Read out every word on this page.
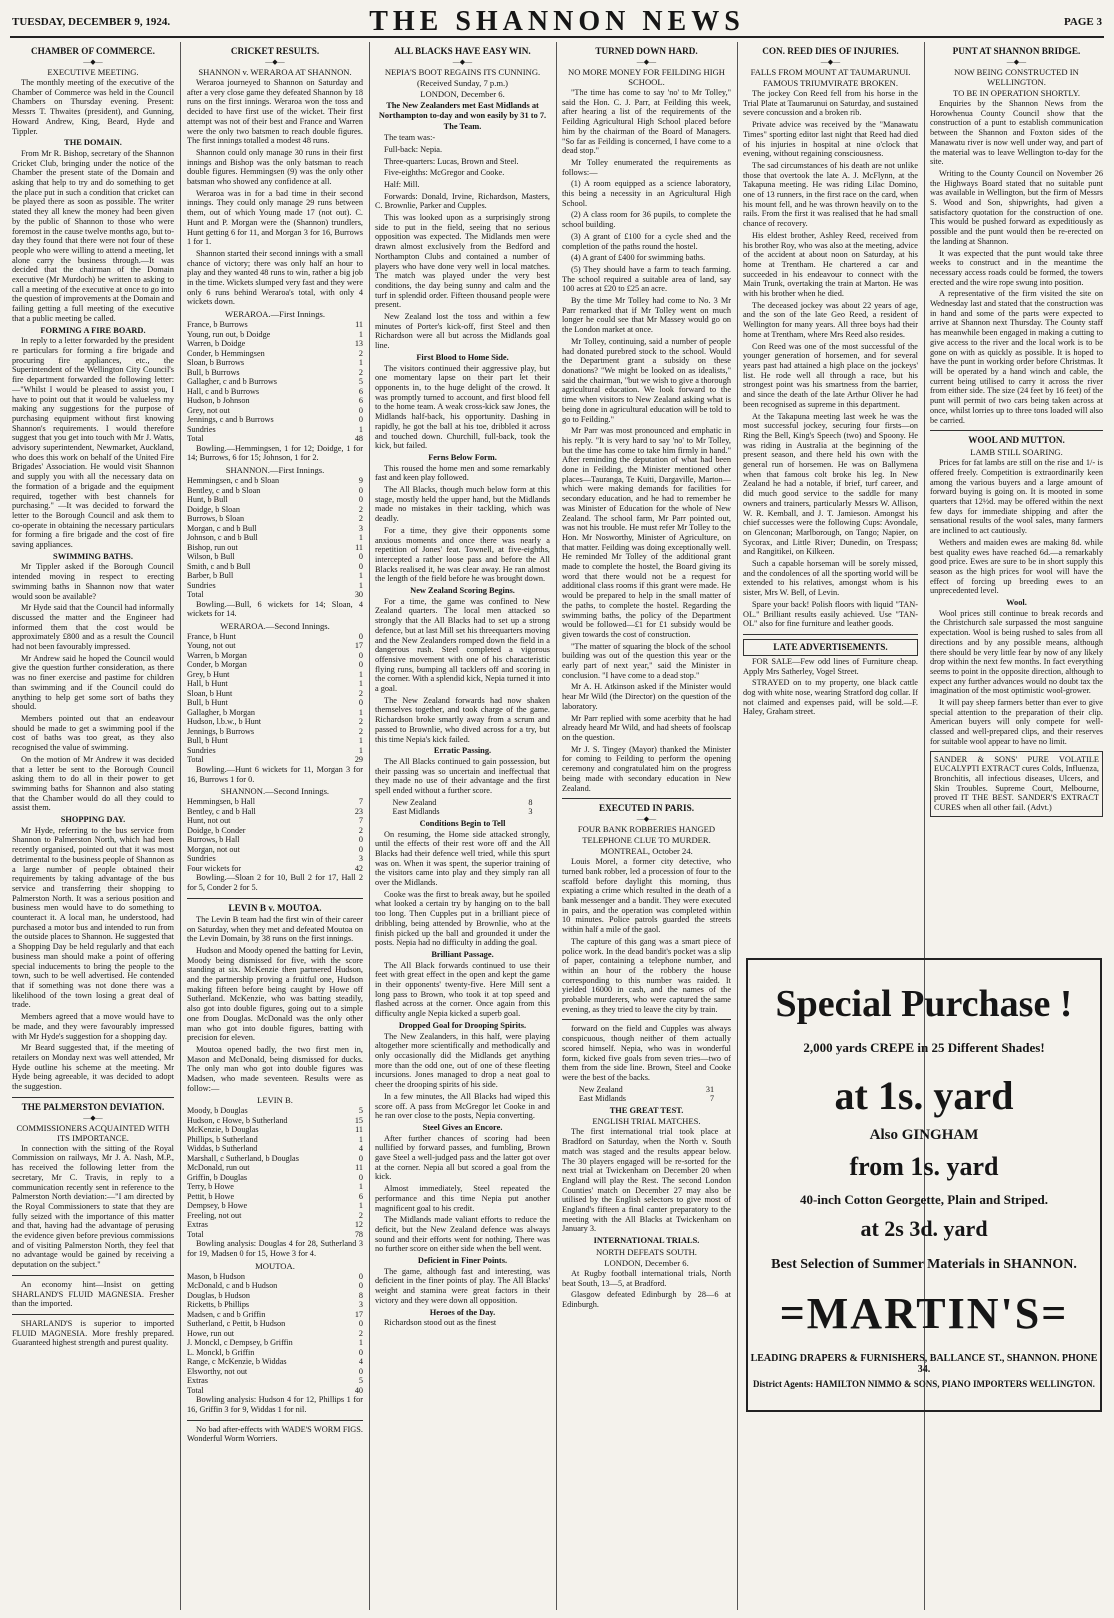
TUESDAY, DECEMBER 9, 1924.	THE SHANNON NEWS	PAGE 3
CHAMBER OF COMMERCE.
—◆—
EXECUTIVE MEETING.

The monthly meeting of the executive of the Chamber of Commerce was held in the Council Chambers on Thursday evening. Present: Messrs T. Thwaites (president), and Gunning, Howard Andrew, King, Beard, Hyde and Tippler.

THE DOMAIN.

From Mr R. Bishop, secretary of the Shannon Cricket Club, bringing under the notice of the Chamber the present state of the Domain and asking that help to try and do something to get the place put in such a condition that cricket can be played there as soon as possible. The writer stated they all knew the money had been given by the public of Shannon to those who were foremost in the cause twelve months ago, but to-day they found that there were not four of these people who were willing to attend a meeting, let alone carry the business through.—It was decided that the chairman of the Domain executive (Mr Murdoch) be written to asking to call a meeting of the executive at once to go into the question of improvements at the Domain and failing getting a full meeting of the executive that a public meeting be called.

FORMING A FIRE BOARD.

In reply to a letter forwarded by the president re particulars for forming a fire brigade and procuring fire appliances, etc., the Superintendent of the Wellington City Council's fire department forwarded the following letter:—"Whilst I would be pleased to assist you, I have to point out that it would be valueless my making any suggestions for the purpose of purchasing equipment without first knowing Shannon's requirements. I would therefore suggest that you get into touch with Mr J. Watts, advisory superintendent, Newmarket, Auckland, who does this work on behalf of the United Fire Brigades' Association. He would visit Shannon and supply you with all the necessary data on the formation of a brigade and the equipment required, together with best channels for purchasing." —It was decided to forward the letter to the Borough Council and ask them to co-operate in obtaining the necessary particulars for forming a fire brigade and the cost of fire saving appliances.

SWIMMING BATHS.

Mr Tippler asked if the Borough Council intended moving in respect to erecting swimming baths in Shannon now that water would soon be available?

Mr Hyde said that the Council had informally discussed the matter and the Engineer had informed them that the cost would be approximately £800 and as a result the Council had not been favourably impressed.

Mr Andrew said he hoped the Council would give the question further consideration, as there was no finer exercise and pastime for children than swimming and if the Council could do anything to help get some sort of baths they should.

Members pointed out that an endeavour should be made to get a swimming pool if the cost of baths was too great, as they also recognised the value of swimming.

On the motion of Mr Andrew it was decided that a letter be sent to the Borough Council asking them to do all in their power to get swimming baths for Shannon and also stating that the Chamber would do all they could to assist them.

SHOPPING DAY.

Mr Hyde, referring to the bus service from Shannon to Palmerston North, which had been recently organised, pointed out that it was most detrimental to the business people of Shannon as a large number of people obtained their requirements by taking advantage of the bus service and transferring their shopping to Palmerston North. It was a serious position and business men would have to do something to counteract it. A local man, he understood, had purchased a motor bus and intended to run from the outside places to Shannon. He suggested that a Shopping Day be held regularly and that each business man should make a point of offering special inducements to bring the people to the town, such to be well advertised. He contended that if something was not done there was a likelihood of the town losing a great deal of trade.

Members agreed that a move would have to be made, and they were favourably impressed with Mr Hyde's suggestion for a shopping day.

Mr Beard suggested that, if the meeting of retailers on Monday next was well attended, Mr Hyde outline his scheme at the meeting. Mr Hyde being agreeable, it was decided to adopt the suggestion.

THE PALMERSTON DEVIATION.
—◆—
COMMISSIONERS ACQUAINTED WITH ITS IMPORTANCE.

In connection with the sitting of the Royal Commission on railways, Mr J. A. Nash, M.P., has received the following letter from the secretary, Mr C. Travis, in reply to a communication recently sent in reference to the Palmerston North deviation:—"I am directed by the Royal Commissioners to state that they are fully seized with the importance of this matter and that, having had the advantage of perusing the evidence given before previous commissions and of visiting Palmerston North, they feel that no advantage would be gained by receiving a deputation on the subject."

An economy hint—Insist on getting SHARLAND'S FLUID MAGNESIA. Fresher than the imported.

SHARLAND'S is superior to imported FLUID MAGNESIA. More freshly prepared. Guaranteed highest strength and purest quality.

CRICKET RESULTS.
—◆—
SHANNON v. WERAROA AT SHANNON.

Weraroa journeyed to Shannon on Saturday and after a very close game they defeated Shannon by 18 runs on the first innings. Weraroa won the toss and decided to have first use of the wicket. Their first attempt was not of their best and France and Warren were the only two batsmen to reach double figures. The first innings totalled a modest 48 runs.

Shannon could only manage 30 runs in their first innings and Bishop was the only batsman to reach double figures. Hemmingsen (9) was the only other batsman who showed any confidence at all.

Weraroa was in for a bad time in their second innings. They could only manage 29 runs between them, out of which Young made 17 (not out). C. Hunt and P. Morgan were the (Shannon) trundlers, Hunt getting 6 for 11, and Morgan 3 for 16, Burrows 1 for 1.

Shannon started their second innings with a small chance of victory; there was only half an hour to play and they wanted 48 runs to win, rather a big job in the time. Wickets slumped very fast and they were only 6 runs behind Weraroa's total, with only 4 wickets down.

WERAROA.—First Innings.
France, b Burrows	11
Young, run out, b Doidge	1
Warren, b Doidge	13
Conder, b Hemmingsen	2
Sloan, b Burrows	1
Bull, b Burrows	2
Gallagher, c and b Burrows	5
Hall, c and b Burrows	6
Hudson, b Johnson	6
Grey, not out	0
Jennings, c and b Burrows	0
Sundries	1
Total	48

Bowling.—Hemmingsen, 1 for 12; Doidge, 1 for 14; Burrows, 6 for 15; Johnson, 1 for 2.

SHANNON.—First Innings.
Hemmingsen, c and b Sloan	9
Bentley, c and b Sloan	0
Hunt, b Bull	0
Doidge, b Sloan	2
Burrows, b Sloan	2
Morgan, c and b Bull	3
Johnson, c and b Bull	1
Bishop, run out	11
Wilson, b Bull	0
Smith, c and b Bull	0
Barber, b Bull	1
Sundries	1
Total	30

Bowling.—Bull, 6 wickets for 14; Sloan, 4 wickets for 14.

WERAROA.—Second Innings.
France, b Hunt	0
Young, not out	17
Warren, b Morgan	0
Conder, b Morgan	0
Grey, b Hunt	1
Hall, b Hunt	1
Sloan, b Hunt	2
Bull, b Hunt	0
Gallagher, b Morgan	1
Hudson, l.b.w., b Hunt	2
Jennings, b Burrows	2
Bull, b Hunt	1
Sundries	1
Total	29

Bowling.—Hunt 6 wickets for 11, Morgan 3 for 16, Burrows 1 for 0.

SHANNON.—Second Innings.
Hemmingsen, b Hall	7
Bentley, c and b Hall	23
Hunt, not out	7
Doidge, b Conder	2
Burrows, b Hall	0
Morgan, not out	0
Sundries	3
Four wickets for	42

Bowling.—Sloan 2 for 10, Bull 2 for 17, Hall 2 for 5, Conder 2 for 5.

LEVIN B v. MOUTOA.

The Levin B team had the first win of their career on Saturday, when they met and defeated Moutoa on the Levin Domain, by 38 runs on the first innings.

Hudson and Moody opened the batting for Levin, Moody being dismissed for five, with the score standing at six. McKenzie then partnered Hudson, and the partnership proving a fruitful one, Hudson making fifteen before being caught by Howe off Sutherland. McKenzie, who was batting steadily, also got into double figures, going out to a simple one from Douglas. McDonald was the only other man who got into double figures, batting with precision for eleven.

Moutoa opened badly, the two first men in, Mason and McDonald, being dismissed for ducks. The only man who got into double figures was Madsen, who made seventeen. Results were as follow:—

LEVIN B.
Moody, b Douglas	5
Hudson, c Howe, b Sutherland	15
McKenzie, b Douglas	11
Phillips, b Sutherland	1
Widdas, b Sutherland	4
Marshall, c Sutherland, b Douglas	0
McDonald, run out	11
Griffin, b Douglas	0
Terry, b Howe	1
Pettit, b Howe	6
Dempsey, b Howe	1
Freeling, not out	2
Extras	12
Total	78

Bowling analysis: Douglas 4 for 28, Sutherland 3 for 19, Madsen 0 for 15, Howe 3 for 4.

MOUTOA.
Mason, b Hudson	0
McDonald, c and b Hudson	0
Douglas, b Hudson	8
Ricketts, b Phillips	3
Madsen, c and b Griffin	17
Sutherland, c Pettit, b Hudson	0
Howe, run out	2
J. Monckl, c Dempsey, b Griffin	1
L. Monckl, b Griffin	0
Range, c McKenzie, b Widdas	4
Elsworthy, not out	0
Extras	5
Total	40

Bowling analysis: Hudson 4 for 12, Phillips 1 for 16, Griffin 3 for 9, Widdas 1 for nil.

No bad after-effects with WADE'S WORM FIGS. Wonderful Worm Worriers.

ALL BLACKS HAVE EASY WIN.
—◆—
NEPIA'S BOOT REGAINS ITS CUNNING.
(Received Sunday, 7 p.m.)
LONDON, December 6.
The New Zealanders met East Midlands at Northampton to-day and won easily by 31 to 7.
The Team.

The team was:-

Full-back: Nepia.

Three-quarters: Lucas, Brown and Steel.

Five-eighths: McGregor and Cooke.

Half: Mill.

Forwards: Donald, Irvine, Richardson, Masters, C. Brownlie, Parker and Cupples.

This was looked upon as a surprisingly strong side to put in the field, seeing that no serious opposition was expected. The Midlands men were drawn almost exclusively from the Bedford and Northampton Clubs and contained a number of players who have done very well in local matches. The match was played under the very best conditions, the day being sunny and calm and the turf in splendid order. Fifteen thousand people were present.

New Zealand lost the toss and within a few minutes of Porter's kick-off, first Steel and then Richardson were all but across the Midlands goal line.

First Blood to Home Side.

The visitors continued their aggressive play, but one momentary lapse on their part let their opponents in, to the huge delight of the crowd. It was promptly turned to account, and first blood fell to the home team. A weak cross-kick saw Jones, the Midlands half-back, his opportunity. Dashing in rapidly, he got the ball at his toe, dribbled it across and touched down. Churchill, full-back, took the kick, but failed.

Ferns Below Form.

This roused the home men and some remarkably fast and keen play followed.

The All Blacks, though much below form at this stage, mostly held the upper hand, but the Midlands made no mistakes in their tackling, which was deadly.

For a time, they give their opponents some anxious moments and once there was nearly a repetition of Jones' feat. Townell, at five-eighths, intercepted a rather loose pass and before the All Blacks realised it, he was clear away. He ran almost the length of the field before he was brought down.

New Zealand Scoring Begins.

For a time, the game was confined to New Zealand quarters. The local men attacked so strongly that the All Blacks had to set up a strong defence, but at last Mill set his threequarters moving and the New Zealanders romped down the field in a dangerous rush. Steel completed a vigorous offensive movement with one of his characteristic flying runs, bumping all tacklers off and scoring in the corner. With a splendid kick, Nepia turned it into a goal.

The New Zealand forwards had now shaken themselves together, and took charge of the game. Richardson broke smartly away from a scrum and passed to Brownlie, who dived across for a try, but this time Nepia's kick failed.

Erratic Passing.

The All Blacks continued to gain possession, but their passing was so uncertain and ineffectual that they made no use of their advantage and the first spell ended without a further score.

New Zealand	8
East Midlands	3
Conditions Begin to Tell

On resuming, the Home side attacked strongly, until the effects of their rest wore off and the All Blacks had their defence well tried, while this spurt was on. When it was spent, the superior training of the visitors came into play and they simply ran all over the Midlands.

Cooke was the first to break away, but he spoiled what looked a certain try by hanging on to the ball too long. Then Cupples put in a brilliant piece of dribbling, being attended by Brownlie, who at the finish picked up the ball and grounded it under the posts. Nepia had no difficulty in adding the goal.

Brilliant Passage.

The All Black forwards continued to use their feet with great effect in the open and kept the game in their opponents' twenty-five. Here Mill sent a long pass to Brown, who took it at top speed and flashed across at the corner. Once again from this difficulty angle Nepia kicked a superb goal.

Dropped Goal for Drooping Spirits.

The New Zealanders, in this half, were playing altogether more scientifically and methodically and only occasionally did the Midlands get anything more than the odd one, out of one of these fleeting incursions. Jones managed to drop a neat goal to cheer the drooping spirits of his side.

In a few minutes, the All Blacks had wiped this score off. A pass from McGregor let Cooke in and he ran over close to the posts, Nepia converting.

Steel Gives an Encore.

After further chances of scoring had been nullified by forward passes, and fumbling, Brown gave Steel a well-judged pass and the latter got over at the corner. Nepia all but scored a goal from the kick.

Almost immediately, Steel repeated the performance and this time Nepia put another magnificent goal to his credit.

The Midlands made valiant efforts to reduce the deficit, but the New Zealand defence was always sound and their efforts went for nothing. There was no further score on either side when the bell went.

Deficient in Finer Points.

The game, although fast and interesting, was deficient in the finer points of play. The All Blacks' weight and stamina were great factors in their victory and they were down all opposition.

Heroes of the Day.

Richardson stood out as the finest

TURNED DOWN HARD.
—◆—
NO MORE MONEY FOR FEILDING HIGH SCHOOL.

"The time has come to say 'no' to Mr Tolley," said the Hon. C. J. Parr, at Feilding this week, after hearing a list of the requirements of the Feilding Agricultural High School placed before him by the chairman of the Board of Managers. "So far as Feilding is concerned, I have come to a dead stop."

Mr Tolley enumerated the requirements as follows:—

(1) A room equipped as a science laboratory, this being a necessity in an Agricultural High School.

(2) A class room for 36 pupils, to complete the school building.

(3) A grant of £100 for a cycle shed and the completion of the paths round the hostel.

(4) A grant of £400 for swimming baths.

(5) They should have a farm to teach farming. The school required a suitable area of land, say 100 acres at £20 to £25 an acre.

By the time Mr Tolley had come to No. 3 Mr Parr remarked that if Mr Tolley went on much longer he could see that Mr Massey would go on the London market at once.

Mr Tolley, continuing, said a number of people had donated purebred stock to the school. Would the Department grant a subsidy on these donations? "We might be looked on as idealists," said the chairman, "but we wish to give a thorough agricultural education. We look forward to the time when visitors to New Zealand asking what is being done in agricultural education will be told to go to Feilding."

Mr Parr was most pronounced and emphatic in his reply. "It is very hard to say 'no' to Mr Tolley, but the time has come to take him firmly in hand." After reminding the deputation of what had been done in Feilding, the Minister mentioned other places—Tauranga, Te Kuiti, Dargaville, Marton—which were making demands for facilities for secondary education, and he had to remember he was Minister of Education for the whole of New Zealand. The school farm, Mr Parr pointed out, was not his trouble. He must refer Mr Tolley to the Hon. Mr Nosworthy, Minister of Agriculture, on that matter. Feilding was doing exceptionally well. He reminded Mr Tolley of the additional grant made to complete the hostel, the Board giving its word that there would not be a request for additional class rooms if this grant were made. He would be prepared to help in the small matter of the paths, to complete the hostel. Regarding the swimming baths, the policy of the Department would be followed—£1 for £1 subsidy would be given towards the cost of construction.

"The matter of squaring the block of the school building was out of the question this year or the early part of next year," said the Minister in conclusion. "I have come to a dead stop."

Mr A. H. Atkinson asked if the Minister would hear Mr Wild (the Director) on the question of the laboratory.

Mr Parr replied with some acerbity that he had already heard Mr Wild, and had sheets of foolscap on the question.

Mr J. S. Tingey (Mayor) thanked the Minister for coming to Feilding to perform the opening ceremony and congratulated him on the progress being made with secondary education in New Zealand.

EXECUTED IN PARIS.
—◆—
FOUR BANK ROBBERIES HANGED
TELEPHONE CLUE TO MURDER.
MONTREAL, October 24.

Louis Morel, a former city detective, who turned bank robber, led a procession of four to the scaffold before daylight this morning, thus expiating a crime which resulted in the death of a bank messenger and a bandit. They were executed in pairs, and the operation was completed within 10 minutes. Police patrols guarded the streets within half a mile of the gaol.

The capture of this gang was a smart piece of police work. In the dead bandit's pocket was a slip of paper, containing a telephone number, and within an hour of the robbery the house corresponding to this number was raided. It yielded 16000 in cash, and the names of the probable murderers, who were captured the same evening, as they tried to leave the city by train.

forward on the field and Cupples was always conspicuous, though neither of them actually scored himself. Nepia, who was in wonderful form, kicked five goals from seven tries—two of them from the side line. Brown, Steel and Cooke were the best of the backs.

New Zealand	31
East Midlands	7
THE GREAT TEST.
ENGLISH TRIAL MATCHES.

The first international trial took place at Bradford on Saturday, when the North v. South match was staged and the results appear below. The 30 players engaged will be re-sorted for the next trial at Twickenham on December 20 when England will play the Rest. The second London Counties' match on December 27 may also be utilised by the English selectors to give most of England's fifteen a final canter preparatory to the meeting with the All Blacks at Twickenham on January 3.

INTERNATIONAL TRIALS.
NORTH DEFEATS SOUTH.
LONDON, December 6.

At Rugby football international trials, North beat South, 13—5, at Bradford.

Glasgow defeated Edinburgh by 28—6 at Edinburgh.

CON. REED DIES OF INJURIES.
—◆—
FALLS FROM MOUNT AT TAUMARUNUI.
FAMOUS TRIUMVIRATE BROKEN.

The jockey Con Reed fell from his horse in the Trial Plate at Taumarunui on Saturday, and sustained severe concussion and a broken rib.

Private advice was received by the "Manawatu Times" sporting editor last night that Reed had died of his injuries in hospital at nine o'clock that evening, without regaining consciousness.

The sad circumstances of his death are not unlike those that overtook the late A. J. McFlynn, at the Takapuna meeting. He was riding Lilac Domino, one of 13 runners, in the first race on the card, when his mount fell, and he was thrown heavily on to the rails. From the first it was realised that he had small chance of recovery.

His eldest brother, Ashley Reed, received from his brother Roy, who was also at the meeting, advice of the accident at about noon on Saturday, at his home at Trentham. He chartered a car and succeeded in his endeavour to connect with the Main Trunk, overtaking the train at Marton. He was with his brother when he died.

The deceased jockey was about 22 years of age, and the son of the late Geo Reed, a resident of Wellington for many years. All three boys had their home at Trentham, where Mrs Reed also resides.

Con Reed was one of the most successful of the younger generation of horsemen, and for several years past had attained a high place on the jockeys' list. He rode well all through a race, but his strongest point was his smartness from the barrier, and since the death of the late Arthur Oliver he had been recognised as supreme in this department.

At the Takapuna meeting last week he was the most successful jockey, securing four firsts—on Ring the Bell, King's Speech (two) and Spoony. He was riding in Australia at the beginning of the present season, and there held his own with the general run of horsemen. He was on Ballymena when that famous colt broke his leg. In New Zealand he had a notable, if brief, turf career, and did much good service to the saddle for many owners and trainers, particularly Messrs W. Allison, W. R. Kemball, and J. T. Jamieson. Amongst his chief successes were the following Cups: Avondale, on Glenconan; Marlborough, on Tango; Napier, on Sycorax, and Little River; Dunedin, on Trespass; and Rangitikei, on Kilkeen.

Such a capable horseman will be sorely missed, and the condolences of all the sporting world will be extended to his relatives, amongst whom is his sister, Mrs W. Bell, of Levin.

Spare your back! Polish floors with liquid "TAN-OL." Brilliant results easily achieved. Use "TAN-OL" also for fine furniture and leather goods.

LATE ADVERTISEMENTS.

FOR SALE—Few odd lines of Furniture cheap. Apply Mrs Satherley, Vogel Street.

STRAYED on to my property, one black cattle dog with white nose, wearing Stratford dog collar. If not claimed and expenses paid, will be sold.—F. Haley, Graham street.

PUNT AT SHANNON BRIDGE.
—◆—
NOW BEING CONSTRUCTED IN WELLINGTON.
TO BE IN OPERATION SHORTLY.

Enquiries by the Shannon News from the Horowhenua County Council show that the construction of a punt to establish communication between the Shannon and Foxton sides of the Manawatu river is now well under way, and part of the material was to leave Wellington to-day for the site.

Writing to the County Council on November 26 the Highways Board stated that no suitable punt was available in Wellington, but the firm of Messrs S. Wood and Son, shipwrights, had given a satisfactory quotation for the construction of one. This would be pushed forward as expeditiously as possible and the punt would then be re-erected on the landing at Shannon.

It was expected that the punt would take three weeks to construct and in the meantime the necessary access roads could be formed, the towers erected and the wire rope swung into position.

A representative of the firm visited the site on Wednesday last and stated that the construction was in hand and some of the parts were expected to arrive at Shannon next Thursday. The County staff has meanwhile been engaged in making a cutting to give access to the river and the local work is to be gone on with as quickly as possible. It is hoped to have the punt in working order before Christmas. It will be operated by a hand winch and cable, the current being utilised to carry it across the river from either side. The size (24 feet by 16 feet) of the punt will permit of two cars being taken across at once, whilst lorries up to three tons loaded will also be carried.

WOOL AND MUTTON.
LAMB STILL SOARING.

Prices for fat lambs are still on the rise and 1/- is offered freely. Competition is extraordinarily keen among the various buyers and a large amount of forward buying is going on. It is mooted in some quarters that 12½d. may be offered within the next few days for immediate shipping and after the sensational results of the wool sales, many farmers are inclined to act cautiously.

Wethers and maiden ewes are making 8d. while best quality ewes have reached 6d.—a remarkably good price. Ewes are sure to be in short supply this season as the high prices for wool will have the effect of forcing up breeding ewes to an unprecedented level.

Wool.

Wool prices still continue to break records and the Christchurch sale surpassed the most sanguine expectation. Wool is being rushed to sales from all directions and by any possible means, although there should be very little fear by now of any likely drop within the next few months. In fact everything seems to point in the opposite direction, although to expect any further advances would no doubt tax the imagination of the most optimistic wool-grower.

It will pay sheep farmers better than ever to give special attention to the preparation of their clip. American buyers will only compete for well-classed and well-prepared clips, and their reserves for suitable wool appear to have no limit.

SANDER & SONS' PURE VOLATILE EUCALYPTI EXTRACT cures Colds, Influenza, Bronchitis, all infectious diseases, Ulcers, and Skin Troubles. Supreme Court, Melbourne, proved IT THE BEST. SANDER'S EXTRACT CURES when all other fail. (Advt.)
Special Purchase !
2,000 yards CREPE in 25 Different Shades!
at 1s. yard
Also GINGHAM
from 1s. yard
40-inch Cotton Georgette, Plain and Striped.
at 2s 3d. yard
Best Selection of Summer Materials in SHANNON.
=MARTIN'S=
LEADING DRAPERS & FURNISHERS, BALLANCE ST., SHANNON. PHONE 34.
District Agents: HAMILTON NIMMO & SONS, PIANO IMPORTERS WELLINGTON.
